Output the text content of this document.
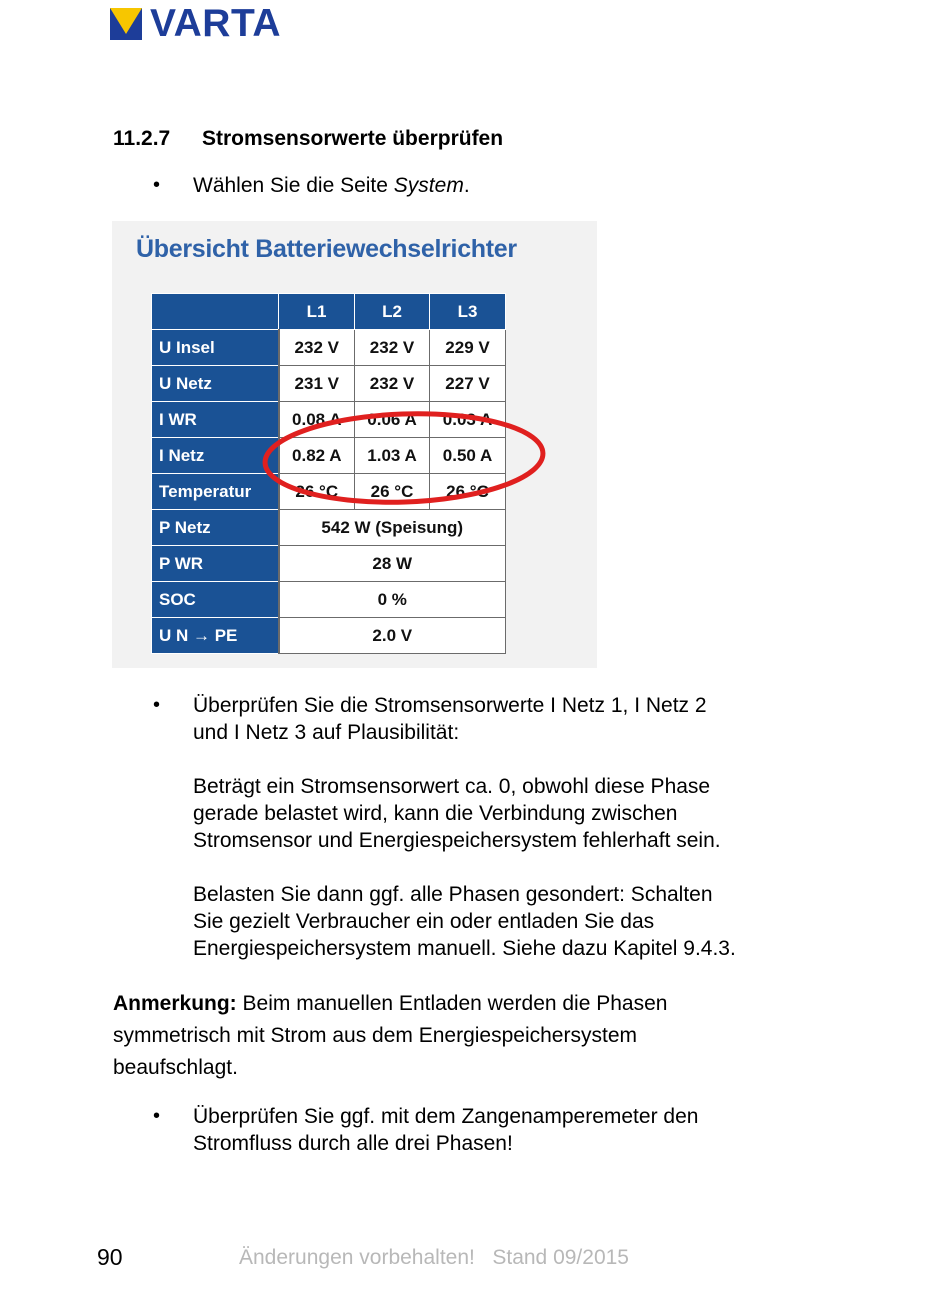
VARTA
11.2.7 Stromsensorwerte überprüfen
• Wählen Sie die Seite System.
Übersicht Batteriewechselrichter
	L1	L2	L3
U Insel	232 V	232 V	229 V
U Netz	231 V	232 V	227 V
I WR	0.08 A	0.06 A	0.03 A
I Netz	0.82 A	1.03 A	0.50 A
Temperatur	26 °C	26 °C	26 °C
P Netz	542 W (Speisung)		
P WR	28 W		
SOC	0 %		
U N → PE	2.0 V		
• Überprüfen Sie die Stromsensorwerte I Netz 1, I Netz 2

und I Netz 3 auf Plausibilität:

Beträgt ein Stromsensorwert ca. 0, obwohl diese Phase

gerade belastet wird, kann die Verbindung zwischen

Stromsensor und Energiespeichersystem fehlerhaft sein.

Belasten Sie dann ggf. alle Phasen gesondert: Schalten

Sie gezielt Verbraucher ein oder entladen Sie das

Energiespeichersystem manuell. Siehe dazu Kapitel 9.4.3.

Anmerkung: Beim manuellen Entladen werden die Phasen
symmetrisch mit Strom aus dem Energiespeichersystem
beaufschlagt.
• Überprüfen Sie ggf. mit dem Zangenamperemeter den

Stromfluss durch alle drei Phasen!

90	Änderungen vorbehalten!   Stand 09/2015
